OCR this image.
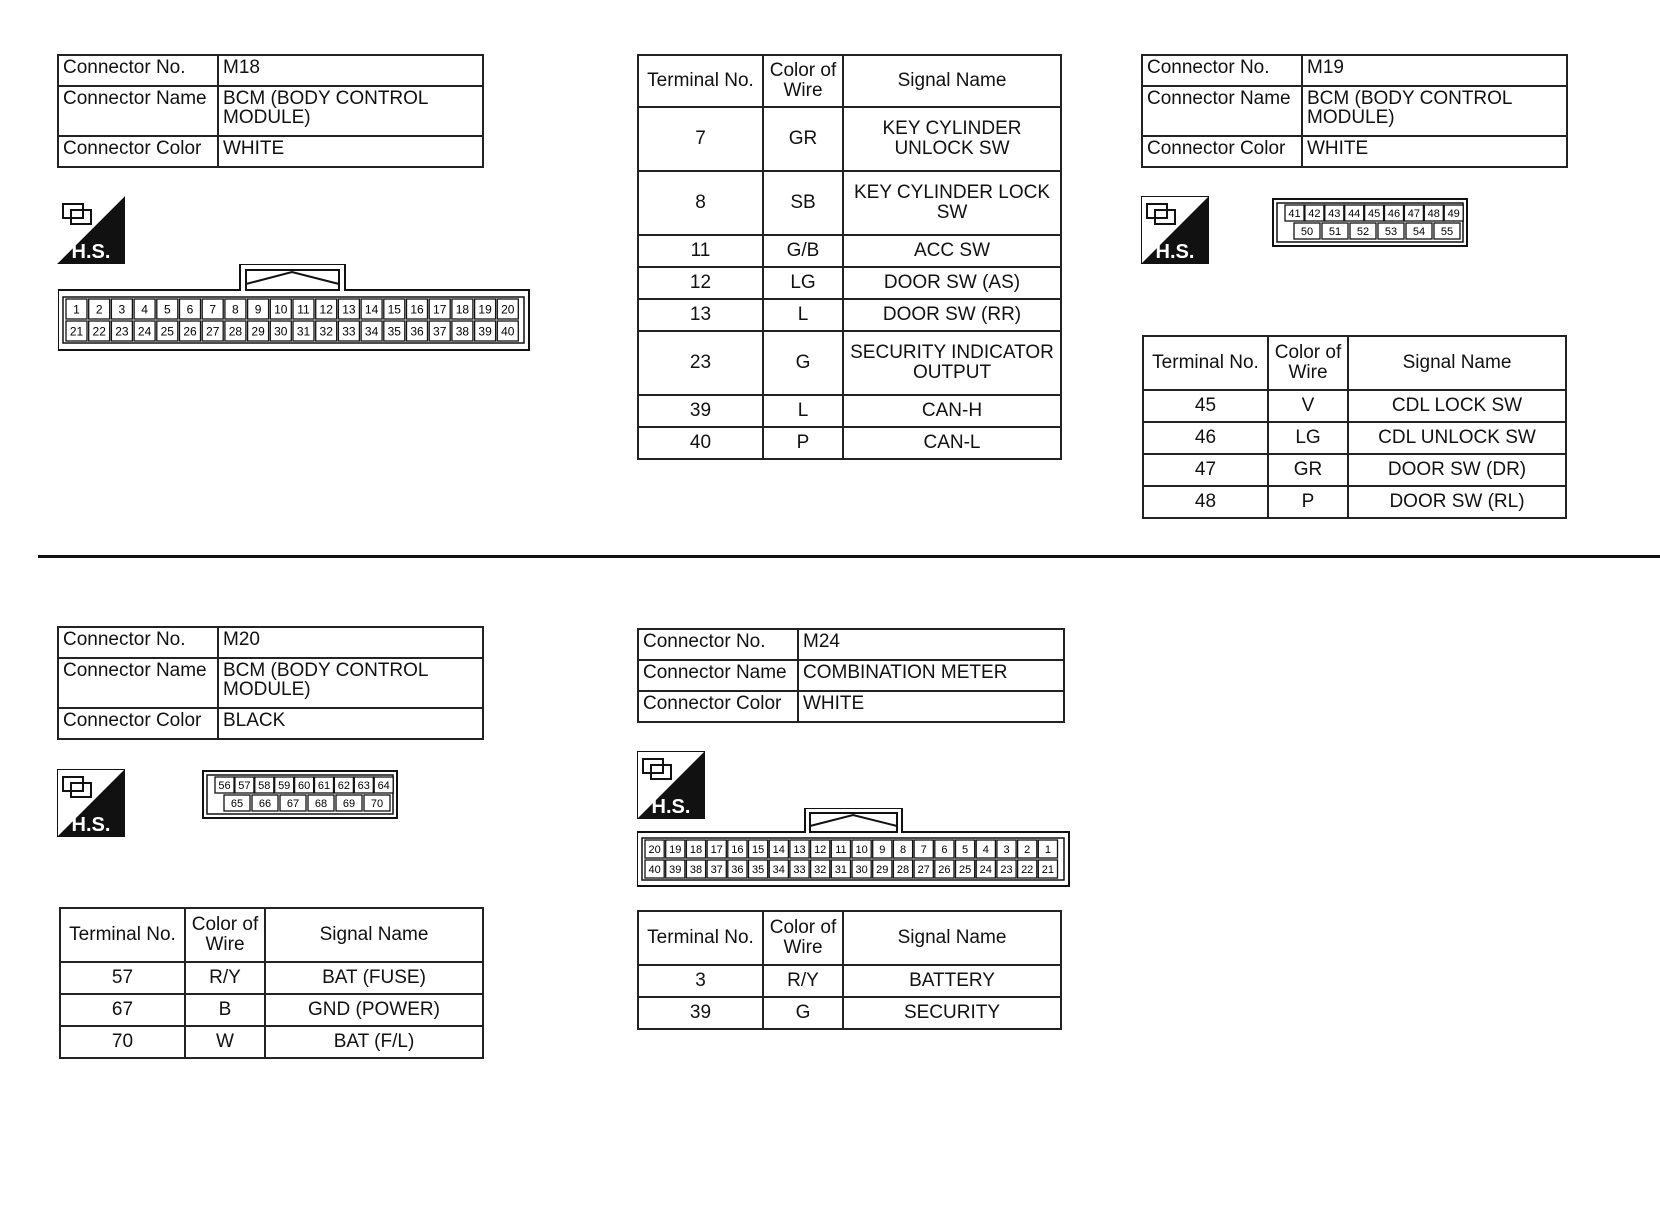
Connector No.	M18
Connector Name	BCM (BODY CONTROL MODULE)
Connector Color	WHITE
H.S.
1 2 3 4 5 6 7 8 9 10 11 12 13 14 15 16 17 18 19 20
21 22 23 24 25 26 27 28 29 30 31 32 33 34 35 36 37 38 39 40
Terminal No.	Color of Wire	Signal Name
7	GR	KEY CYLINDER UNLOCK SW
8	SB	KEY CYLINDER LOCK SW
11	G/B	ACC SW
12	LG	DOOR SW (AS)
13	L	DOOR SW (RR)
23	G	SECURITY INDICATOR OUTPUT
39	L	CAN-H
40	P	CAN-L
Connector No.	M19
Connector Name	BCM (BODY CONTROL MODULE)
Connector Color	WHITE
H.S.
41 42 43 44 45 46 47 48 49
50 51 52 53 54 55
Terminal No.	Color of Wire	Signal Name
45	V	CDL LOCK SW
46	LG	CDL UNLOCK SW
47	GR	DOOR SW (DR)
48	P	DOOR SW (RL)
Connector No.	M20
Connector Name	BCM (BODY CONTROL MODULE)
Connector Color	BLACK
H.S.
56 57 58 59 60 61 62 63 64
65 66 67 68 69 70
Terminal No.	Color of Wire	Signal Name
57	R/Y	BAT (FUSE)
67	B	GND (POWER)
70	W	BAT (F/L)
Connector No.	M24
Connector Name	COMBINATION METER
Connector Color	WHITE
H.S.
20 19 18 17 16 15 14 13 12 11 10 9 8 7 6 5 4 3 2 1
40 39 38 37 36 35 34 33 32 31 30 29 28 27 26 25 24 23 22 21
Terminal No.	Color of Wire	Signal Name
3	R/Y	BATTERY
39	G	SECURITY
